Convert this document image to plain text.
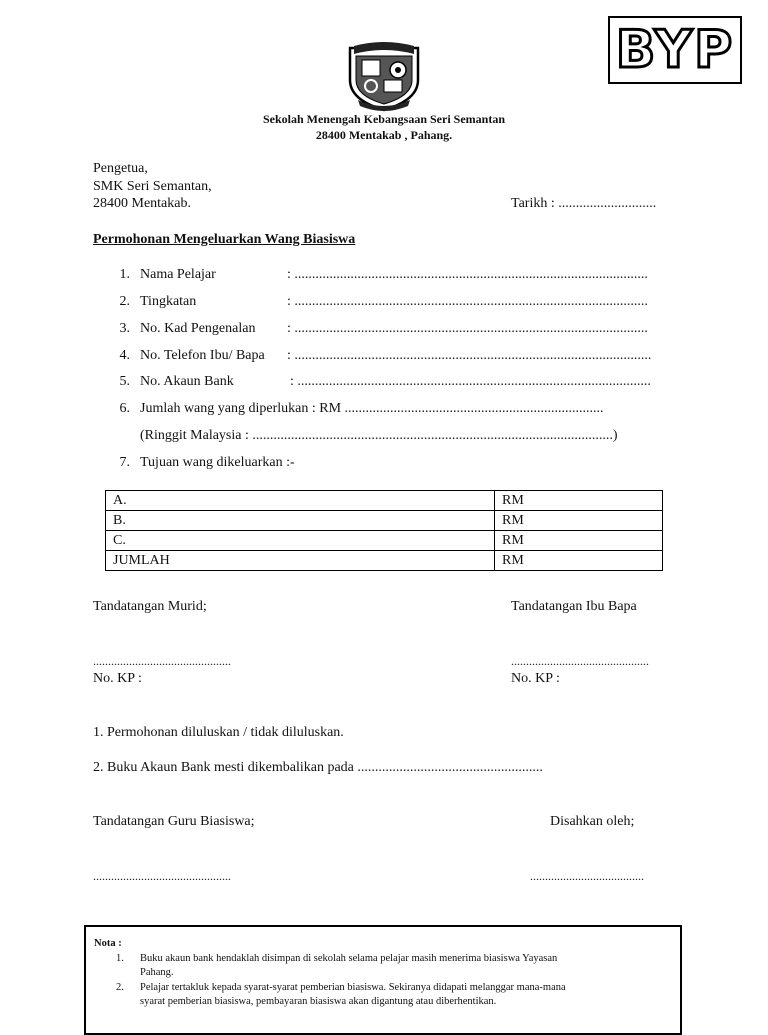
BYP
Sekolah Menengah Kebangsaan Seri Semantan
28400 Mentakab , Pahang.
Pengetua,
SMK Seri Semantan,
28400 Mentakab.	Tarikh : ............................
Permohonan Mengeluarkan Wang Biasiswa
1. Nama Pelajar	: .....................................................................................................
2. Tingkatan	: .....................................................................................................
3. No. Kad Pengenalan : .....................................................................................................
4. No. Telefon Ibu/ Bapa : ......................................................................................................
5. No. Akaun Bank	: .....................................................................................................
6. Jumlah wang yang diperlukan : RM ..........................................................................
(Ringgit Malaysia : .......................................................................................................)
7. Tujuan wang dikeluarkan :-
A.	RM
B.	RM
C.	RM
JUMLAH	RM
Tandatangan Murid;	Tandatangan Ibu Bapa
..............................................	..............................................
No. KP :	No. KP :
1. Permohonan diluluskan / tidak diluluskan.
2. Buku Akaun Bank mesti dikembalikan pada .....................................................
Tandatangan Guru Biasiswa;	Disahkan oleh;
..............................................	......................................
Nota :
1. Buku akaun bank hendaklah disimpan di sekolah selama pelajar masih menerima biasiswa Yayasan
Pahang.
2. Pelajar tertakluk kepada syarat-syarat pemberian biasiswa. Sekiranya didapati melanggar mana-mana
syarat pemberian biasiswa, pembayaran biasiswa akan digantung atau diberhentikan.
